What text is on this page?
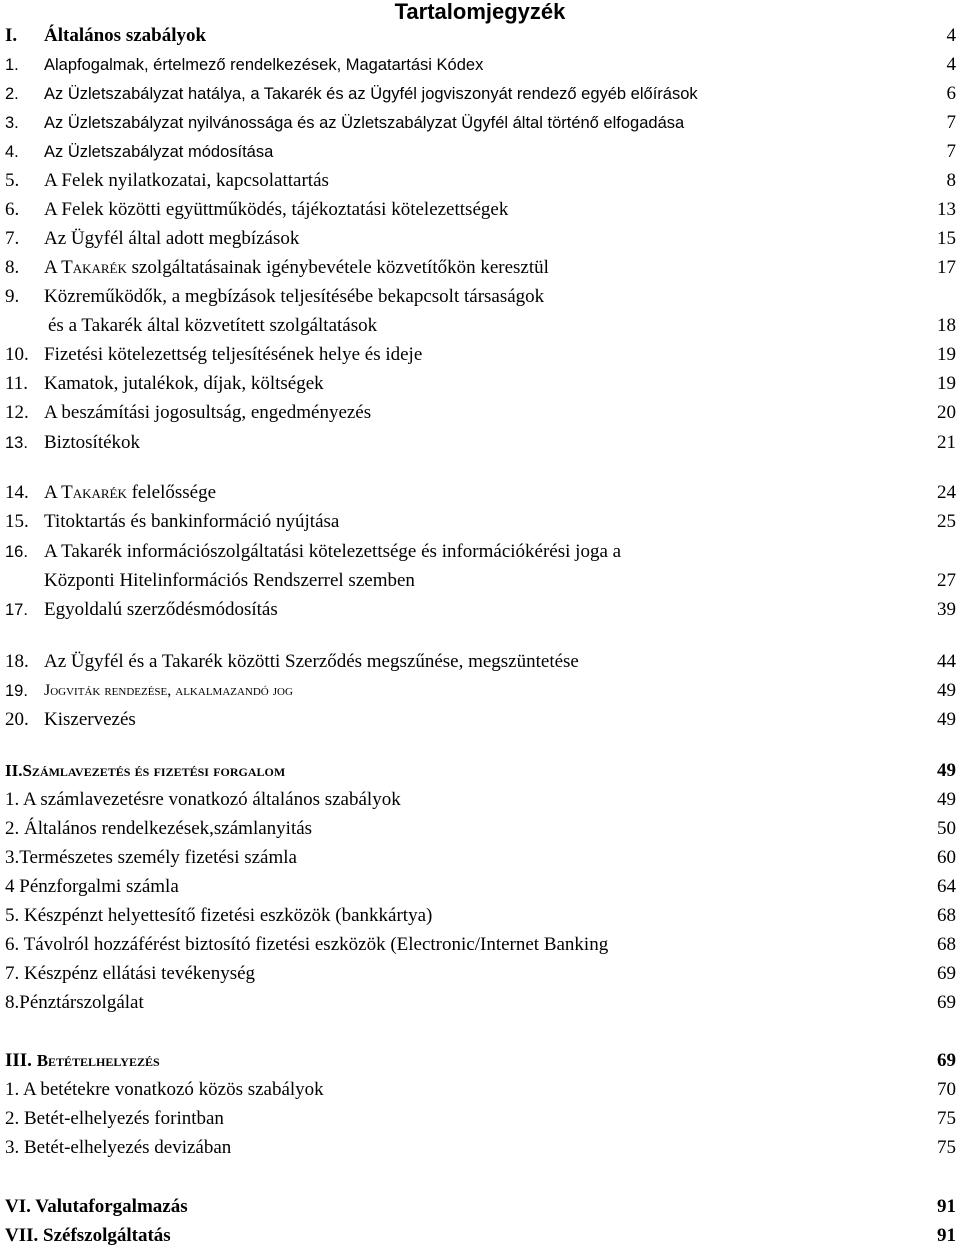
Tartalomjegyzék
I. Általános szabályok	4
1. Alapfogalmak, értelmező rendelkezések, Magatartási Kódex	4
2. Az Üzletszabályzat hatálya, a Takarék és az Ügyfél jogviszonyát rendező egyéb előírások	6
3. Az Üzletszabályzat nyilvánossága és az Üzletszabályzat Ügyfél által történő elfogadása	7
4. Az Üzletszabályzat módosítása	7
5. A Felek nyilatkozatai, kapcsolattartás	8
6. A Felek közötti együttműködés, tájékoztatási kötelezettségek	13
7. Az Ügyfél által adott megbízások	15
8. A Takarék szolgáltatásainak igénybevétele közvetítőkön keresztül	17
9. Közreműködők, a megbízások teljesítésébe bekapcsolt társaságok
és a Takarék által közvetített szolgáltatások	18
10. Fizetési kötelezettség teljesítésének helye és ideje	19
11. Kamatok, jutalékok, díjak, költségek	19
12. A beszámítási jogosultság, engedményezés	20
13. Biztosítékok	21
14. A Takarék felelőssége	24
15. Titoktartás és bankinformáció nyújtása	25
16. A Takarék információszolgáltatási kötelezettsége és információkérési joga a
Központi Hitelinformációs Rendszerrel szemben	27
17. Egyoldalú szerződésmódosítás	39
18. Az Ügyfél és a Takarék közötti Szerződés megszűnése, megszüntetése	44
19. Jogviták rendezése, alkalmazandó jog	49
20. Kiszervezés	49
II.Számlavezetés és fizetési forgalom	49
1. A számlavezetésre vonatkozó általános szabályok	49
2. Általános rendelkezések,számlanyitás	50
3.Természetes személy fizetési számla	60
4 Pénzforgalmi számla	64
5. Készpénzt helyettesítő fizetési eszközök (bankkártya)	68
6. Távolról hozzáférést biztosító fizetési eszközök (Electronic/Internet Banking	68
7. Készpénz ellátási tevékenység	69
8.Pénztárszolgálat	69
III. Betételhelyezés	69
1. A betétekre vonatkozó közös szabályok	70
2. Betét-elhelyezés forintban	75
3. Betét-elhelyezés devizában	75
VI. Valutaforgalmazás	91
VII. Széfszolgáltatás	91
